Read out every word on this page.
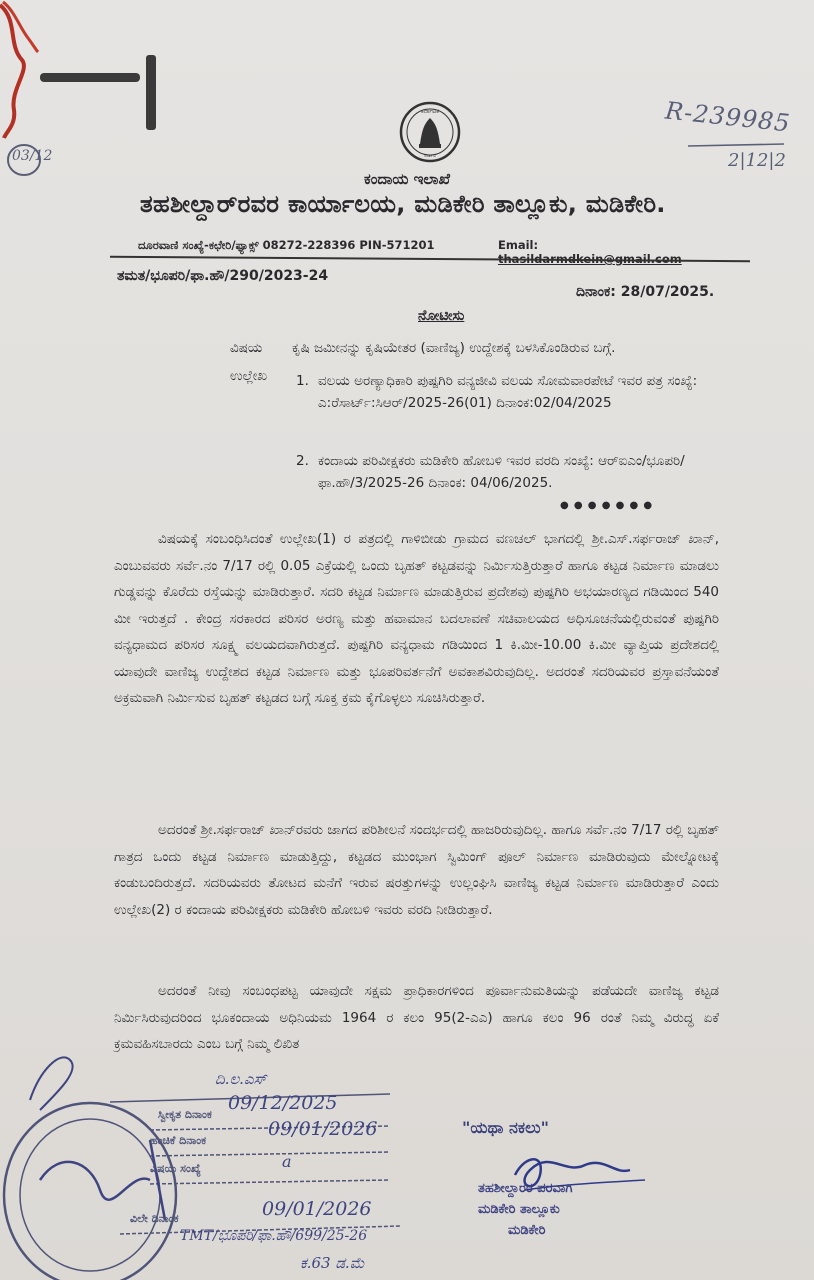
ಕರ್ನಾಟಕ
ಸರ್ಕಾರ
R-239985
2|12|2
03/12
ಕಂದಾಯ ಇಲಾಖೆ
ತಹಶೀಲ್ದಾರ್‌ರವರ ಕಾರ್ಯಾಲಯ, ಮಡಿಕೇರಿ ತಾಲ್ಲೂಕು, ಮಡಿಕೇರಿ.
ದೂರವಾಣಿ ಸಂಖ್ಯೆ-ಕಛೇರಿ/ಫ್ಯಾಕ್ಸ್ 08272-228396 PIN-571201	Email: thasildarmdkein@gmail.com
ತಮತ/ಭೂಪರಿ/ಫಾ.ಹೌ/290/2023-24
ದಿನಾಂಕ: 28/07/2025.
ನೋಟೀಸು
ವಿಷಯ ಕೃಷಿ ಜಮೀನನ್ನು ಕೃಷಿಯೇತರ (ವಾಣಿಜ್ಯ) ಉದ್ದೇಶಕ್ಕೆ ಬಳಸಿಕೊಂಡಿರುವ ಬಗ್ಗೆ.
ಉಲ್ಲೇಖ 1. ವಲಯ ಅರಣ್ಯಾಧಿಕಾರಿ ಪುಷ್ಪಗಿರಿ ವನ್ಯಜೀವಿ ವಲಯ ಸೋಮವಾರಪೇಟೆ ಇವರ ಪತ್ರ ಸಂಖ್ಯೆ: ಎ:ರೆಸಾರ್ಟ್:ಸಿಆರ್/2025-26(01) ದಿನಾಂಕ:02/04/2025
2. ಕಂದಾಯ ಪರಿವೀಕ್ಷಕರು ಮಡಿಕೇರಿ ಹೋಬಳಿ ಇವರ ವರದಿ ಸಂಖ್ಯೆ: ಆರ್‌ಐಎಂ/ಭೂಪರಿ/ಫಾ.ಹೌ/3/2025-26 ದಿನಾಂಕ: 04/06/2025.
● ● ● ● ● ● ●
ವಿಷಯಕ್ಕೆ ಸಂಬಂಧಿಸಿದಂತೆ ಉಲ್ಲೇಖ(1) ರ ಪತ್ರದಲ್ಲಿ ಗಾಳಿಬೀಡು ಗ್ರಾಮದ ವಣಚಲ್ ಭಾಗದಲ್ಲಿ ಶ್ರೀ.ಎಸ್.ಸರ್ಫರಾಜ್ ಖಾನ್, ಎಂಬುವವರು ಸರ್ವೆ.ನಂ 7/17 ರಲ್ಲಿ 0.05 ಎಕ್ರೆಯಲ್ಲಿ ಒಂದು ಬೃಹತ್ ಕಟ್ಟಡವನ್ನು ನಿರ್ಮಿಸುತ್ತಿರುತ್ತಾರೆ ಹಾಗೂ ಕಟ್ಟಡ ನಿರ್ಮಾಣ ಮಾಡಲು ಗುಡ್ಡವನ್ನು ಕೊರೆದು ರಸ್ತೆಯನ್ನು ಮಾಡಿರುತ್ತಾರೆ. ಸದರಿ ಕಟ್ಟಡ ನಿರ್ಮಾಣ ಮಾಡುತ್ತಿರುವ ಪ್ರದೇಶವು ಪುಷ್ಪಗಿರಿ ಅಭಯಾರಣ್ಯದ ಗಡಿಯಿಂದ 540 ಮೀ ಇರುತ್ತದೆ . ಕೇಂದ್ರ ಸರಕಾರದ ಪರಿಸರ ಅರಣ್ಯ ಮತ್ತು ಹವಾಮಾನ ಬದಲಾವಣೆ ಸಚಿವಾಲಯದ ಅಧಿಸೂಚನೆಯಲ್ಲಿರುವಂತೆ ಪುಷ್ಪಗಿರಿ ವನ್ಯಧಾಮದ ಪರಿಸರ ಸೂಕ್ಷ್ಮ ವಲಯದವಾಗಿರುತ್ತದೆ. ಪುಷ್ಪಗಿರಿ ವನ್ಯಧಾಮ ಗಡಿಯಿಂದ 1 ಕಿ.ಮೀ-10.00 ಕಿ.ಮೀ ವ್ಯಾಪ್ತಿಯ ಪ್ರದೇಶದಲ್ಲಿ ಯಾವುದೇ ವಾಣಿಜ್ಯ ಉದ್ದೇಶದ ಕಟ್ಟಡ ನಿರ್ಮಾಣ ಮತ್ತು ಭೂಪರಿವರ್ತನೆಗೆ ಅವಕಾಶವಿರುವುದಿಲ್ಲ. ಅದರಂತೆ ಸದರಿಯವರ ಪ್ರಸ್ತಾವನೆಯಂತೆ ಅಕ್ರಮವಾಗಿ ನಿರ್ಮಿಸುವ ಬೃಹತ್ ಕಟ್ಟಡದ ಬಗ್ಗೆ ಸೂಕ್ತ ಕ್ರಮ ಕೈಗೊಳ್ಳಲು ಸೂಚಿಸಿರುತ್ತಾರೆ.
ಅದರಂತೆ ಶ್ರೀ.ಸರ್ಫರಾಜ್ ಖಾನ್‌ರವರು ಜಾಗದ ಪರಿಶೀಲನೆ ಸಂದರ್ಭದಲ್ಲಿ ಹಾಜರಿರುವುದಿಲ್ಲ. ಹಾಗೂ ಸರ್ವೆ.ನಂ 7/17 ರಲ್ಲಿ ಬೃಹತ್ ಗಾತ್ರದ ಒಂದು ಕಟ್ಟಡ ನಿರ್ಮಾಣ ಮಾಡುತ್ತಿದ್ದು, ಕಟ್ಟಡದ ಮುಂಭಾಗ ಸ್ವಿಮಿಂಗ್ ಪೂಲ್ ನಿರ್ಮಾಣ ಮಾಡಿರುವುದು ಮೇಲ್ನೋಟಕ್ಕೆ ಕಂಡುಬಂದಿರುತ್ತದೆ. ಸದರಿಯವರು ತೋಟದ ಮನೆಗೆ ಇರುವ ಷರತ್ತುಗಳನ್ನು ಉಲ್ಲಂಘಿಸಿ ವಾಣಿಜ್ಯ ಕಟ್ಟಡ ನಿರ್ಮಾಣ ಮಾಡಿರುತ್ತಾರೆ ಎಂದು ಉಲ್ಲೇಖ(2) ರ ಕಂದಾಯ ಪರಿವೀಕ್ಷಕರು ಮಡಿಕೇರಿ ಹೋಬಳಿ ಇವರು ವರದಿ ನೀಡಿರುತ್ತಾರೆ.
ಅದರಂತೆ ನೀವು ಸಂಬಂಧಪಟ್ಟ ಯಾವುದೇ ಸಕ್ಷಮ ಪ್ರಾಧಿಕಾರಗಳಿಂದ ಪೂರ್ವಾನುಮತಿಯನ್ನು ಪಡೆಯದೇ ವಾಣಿಜ್ಯ ಕಟ್ಟಡ ನಿರ್ಮಿಸಿರುವುದರಿಂದ ಭೂಕಂದಾಯ ಅಧಿನಿಯಮ 1964 ರ ಕಲಂ 95(2-ಎಎ) ಹಾಗೂ ಕಲಂ 96 ರಂತೆ ನಿಮ್ಮ ವಿರುದ್ಧ ಏಕೆ ಕ್ರಮವಹಿಸಬಾರದು ಎಂಬ ಬಗ್ಗೆ ನಿಮ್ಮ ಲಿಖಿತ
ಸ್ವೀಕೃತ ದಿನಾಂಕ
ಹಂಚಿಕೆ ದಿನಾಂಕ
ವಿಷಯ ಸಂಖ್ಯೆ
ವಿಲೇ ದಿನಾಂಕ
ದಿ.ಲ.ಎಸ್
09/12/2025
09/01/2026
a
09/01/2026
TMT/ಭೂಪರಿ/ಫಾ.ಹೌ/699/25-26
ಕ.63 ಡ.ಮೆ
"ಯಥಾ ನಕಲು"
ತಹಶೀಲ್ದಾರರ ಪರವಾಗಿ
ಮಡಿಕೇರಿ ತಾಲ್ಲೂಕು
ಮಡಿಕೇರಿ
